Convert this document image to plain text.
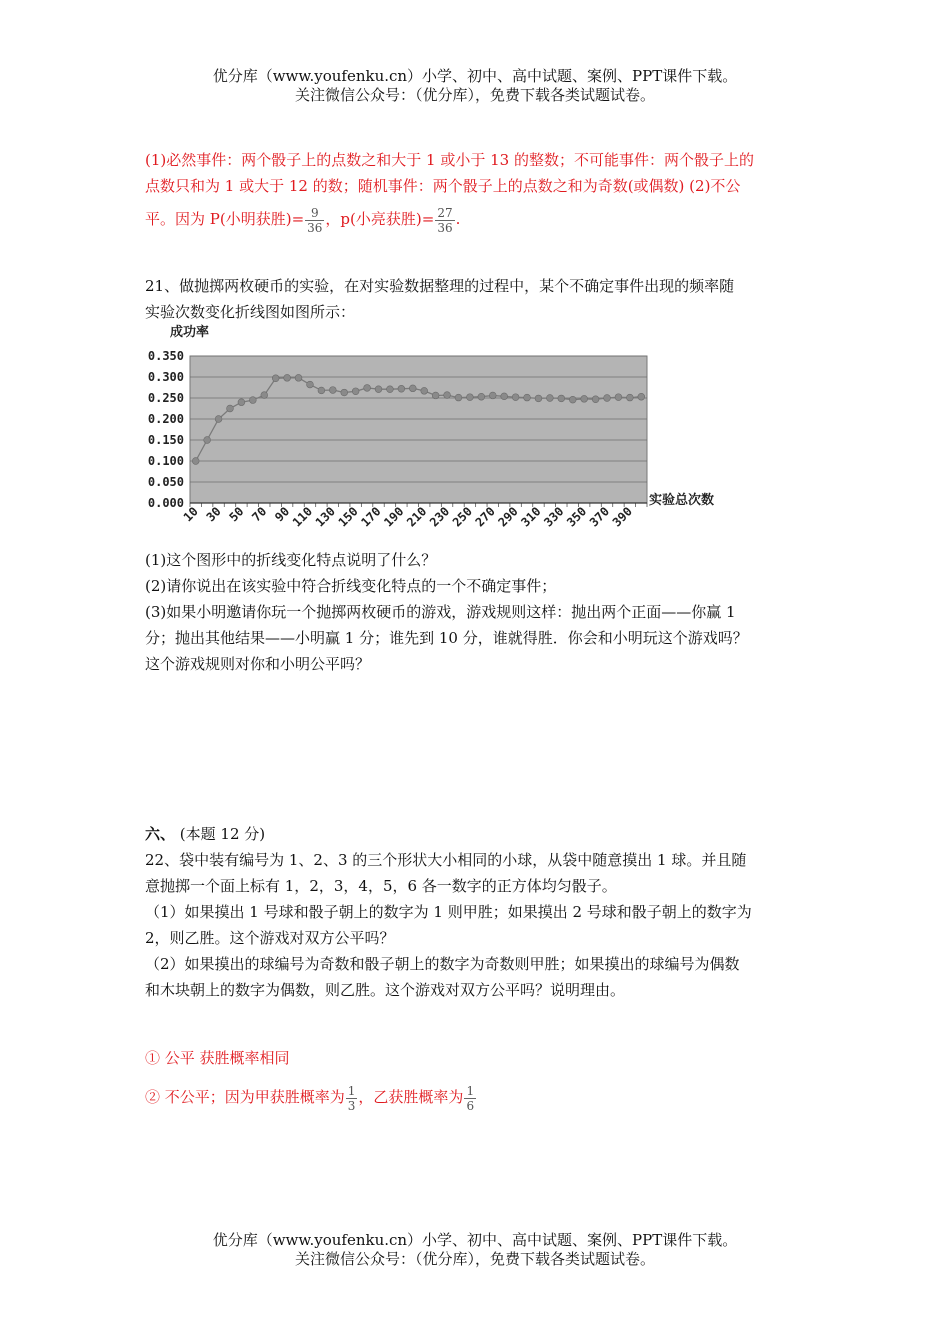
优分库（www.youfenku.cn）小学、初中、高中试题、案例、PPT课件下载。
关注微信公众号：（优分库），免费下载各类试题试卷。
(1)必然事件：两个骰子上的点数之和大于 1 或小于 13 的整数；不可能事件：两个骰子上的
点数只和为 1 或大于 12 的数；随机事件：两个骰子上的点数之和为奇数(或偶数) (2)不公
平。因为 P(小明获胜)= $\frac{9}{36}$ ，p(小亮获胜)= $\frac{27}{36}$ .
21、做抛掷两枚硬币的实验，在对实验数据整理的过程中，某个不确定事件出现的频率随
实验次数变化折线图如图所示：
成功率
实验总次数
0.000
0.050
0.100
0.150
0.200
0.250
0.300
0.350
10 30 50 70 90
110
130
150
170
190
210
230
250
270
290
310
330
350
370
390
(1)这个图形中的折线变化特点说明了什么？
(2)请你说出在该实验中符合折线变化特点的一个不确定事件；
(3)如果小明邀请你玩一个抛掷两枚硬币的游戏，游戏规则这样：抛出两个正面——你赢 1
分；抛出其他结果——小明赢 1 分；谁先到 10 分，谁就得胜．你会和小明玩这个游戏吗？
这个游戏规则对你和小明公平吗？
六、 (本题 12 分)
22、袋中装有编号为 1、2、3 的三个形状大小相同的小球，从袋中随意摸出 1 球。并且随
意抛掷一个面上标有 1，2，3，4，5，6 各一数字的正方体均匀骰子。
（1）如果摸出 1 号球和骰子朝上的数字为 1 则甲胜；如果摸出 2 号球和骰子朝上的数字为
2，则乙胜。这个游戏对双方公平吗？
（2）如果摸出的球编号为奇数和骰子朝上的数字为奇数则甲胜；如果摸出的球编号为偶数
和木块朝上的数字为偶数，则乙胜。这个游戏对双方公平吗？说明理由。
① 公平 获胜概率相同
② 不公平；因为甲获胜概率为 $\frac{1}{3}$ ，乙获胜概率为 $\frac{1}{6}$
优分库（www.youfenku.cn）小学、初中、高中试题、案例、PPT课件下载。
关注微信公众号：（优分库），免费下载各类试题试卷。
